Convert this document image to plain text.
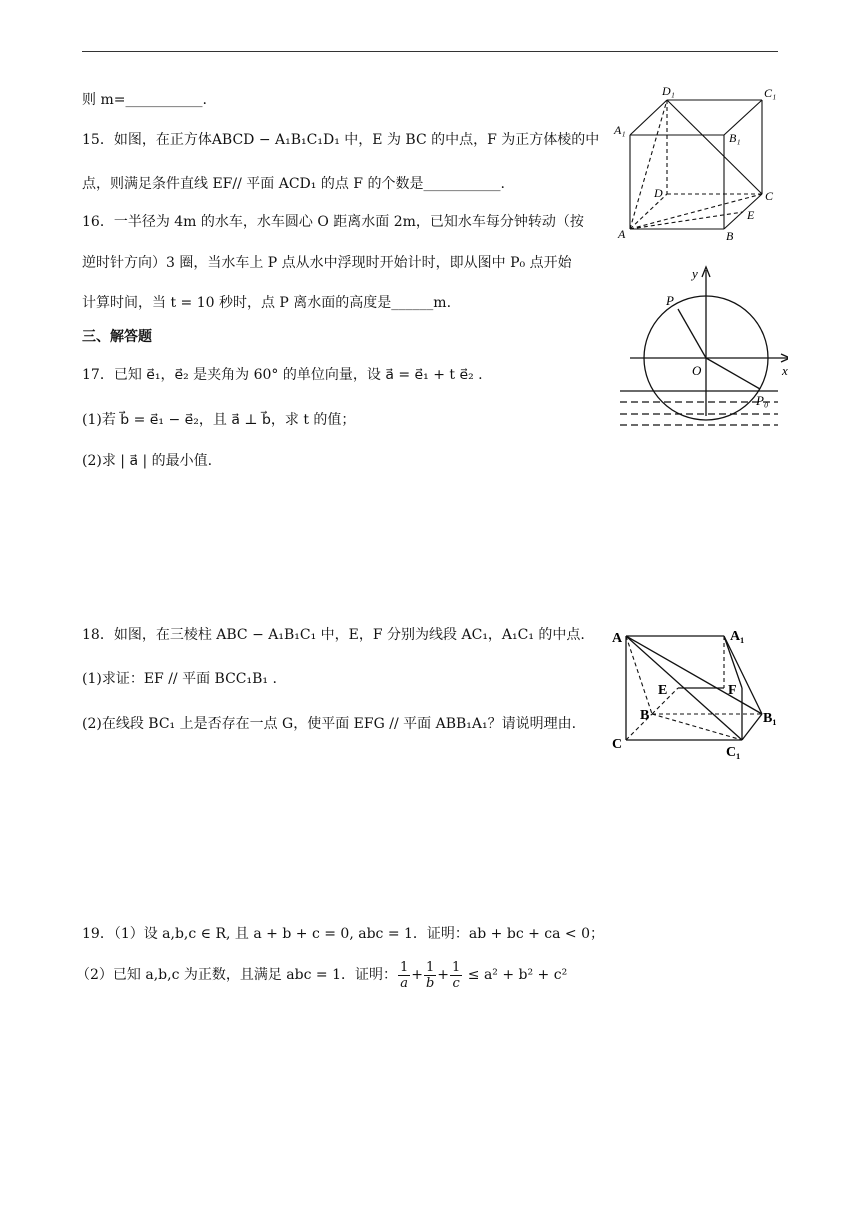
则 m=___________.
15．如图，在正方体ABCD − A₁B₁C₁D₁ 中，E 为 BC 的中点，F 为正方体棱的中
点，则满足条件直线 EF// 平面 ACD₁ 的点 F 的个数是___________.
16．一半径为 4m 的水车，水车圆心 O 距离水面 2m，已知水车每分钟转动（按
逆时针方向）3 圈，当水车上 P 点从水中浮现时开始计时，即从图中 P₀ 点开始
计算时间，当 t = 10 秒时，点 P 离水面的高度是______m.
三、解答题
17．已知 e⃗₁，e⃗₂ 是夹角为 60° 的单位向量，设 a⃗ = e⃗₁ + t e⃗₂ .
(1)若 b⃗ = e⃗₁ − e⃗₂，且 a⃗ ⊥ b⃗，求 t 的值；
(2)求 | a⃗ | 的最小值.
18．如图，在三棱柱 ABC − A₁B₁C₁ 中，E，F 分别为线段 AC₁，A₁C₁ 的中点.
(1)求证：EF // 平面 BCC₁B₁ .
(2)在线段 BC₁ 上是否存在一点 G，使平面 EFG // 平面 ABB₁A₁？请说明理由.
19．（1）设 a,b,c ∈ R, 且 a + b + c = 0, abc = 1．证明：ab + bc + ca < 0；
（2）已知 a,b,c 为正数，且满足 abc = 1．证明： $\frac{1}{a} + \frac{1}{b} + \frac{1}{c} \le a^2 + b^2 + c^2$
D₁	C₁
A₁
B₁
D	C
E
A	B
y
x
O
P
P₀
A	A₁
E	F
B	B₁
C
C₁
